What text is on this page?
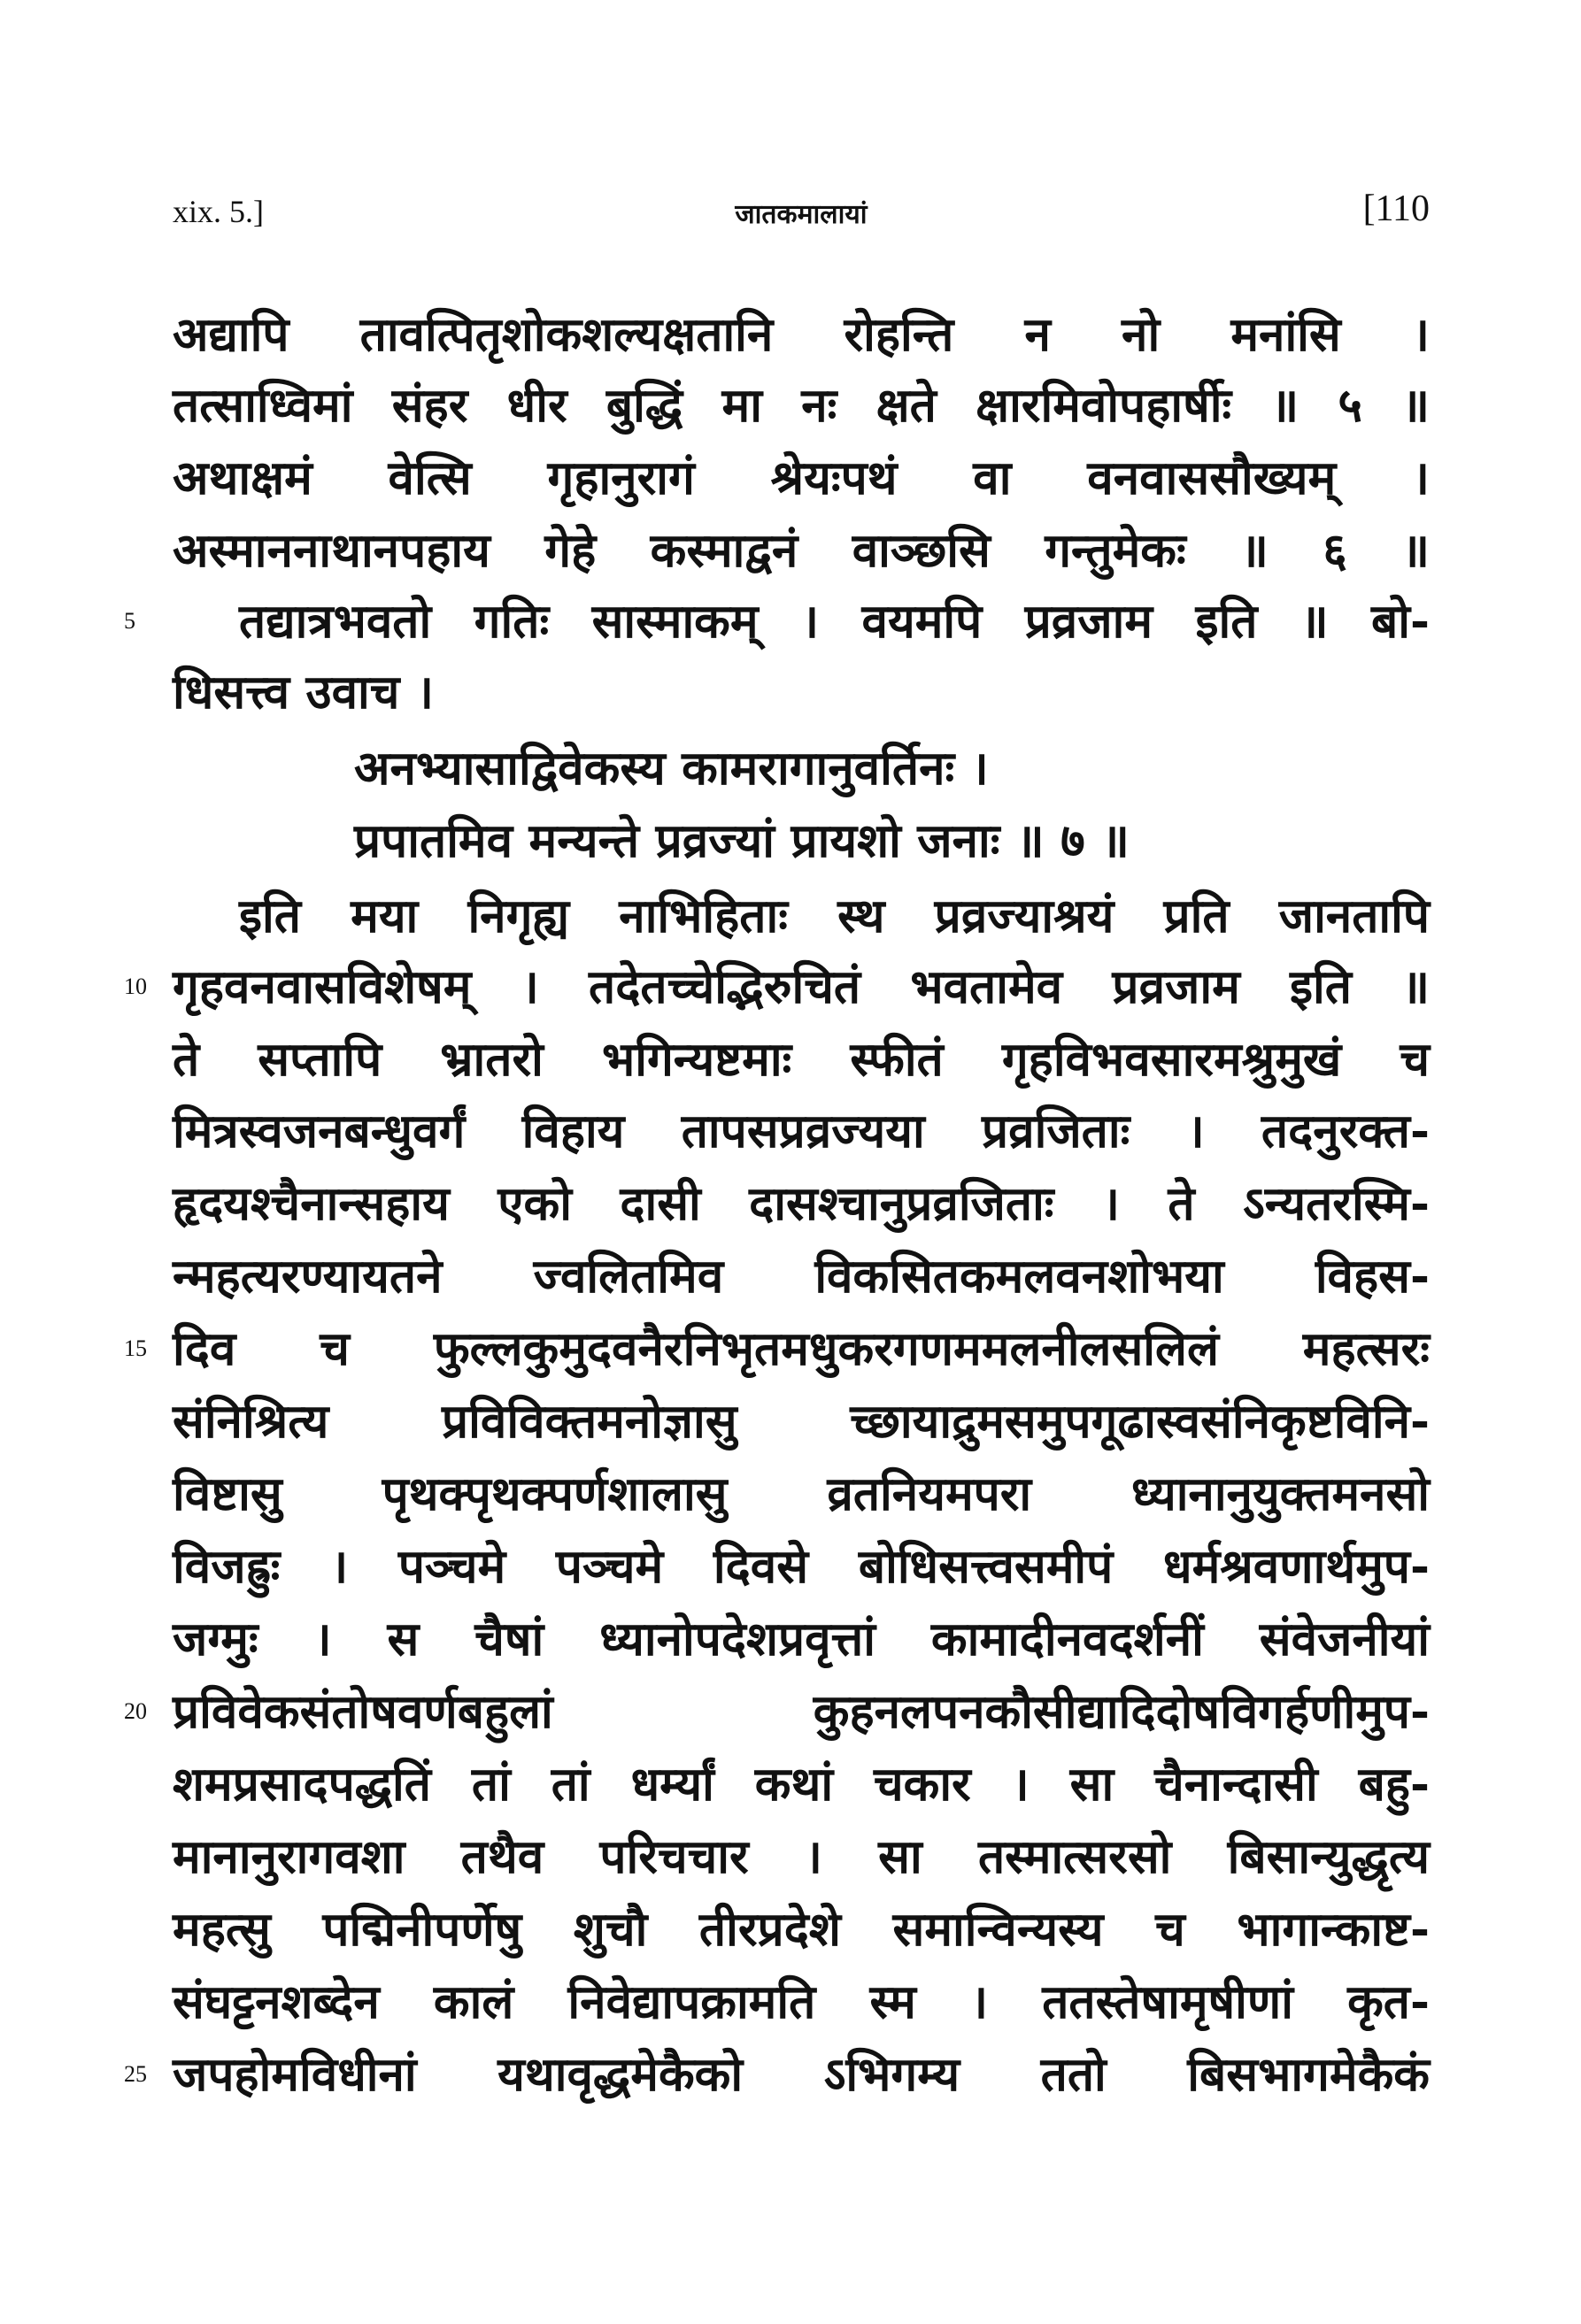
xix. 5.]	जातकमालायां	[110
अद्यापि तावत्पितृशोकशल्यक्षतानि रोहन्ति न नो मनांसि ।
तत्साध्विमां संहर धीर बुद्धिं मा नः क्षते क्षारमिवोपहार्षीः ॥ ५ ॥
अथाक्षमं वेत्सि गृहानुरागं श्रेयःपथं वा वनवाससौख्यम् ।
अस्माननाथानपहाय गेहे कस्माद्वनं वाञ्छसि गन्तुमेकः ॥ ६ ॥
5	तद्यात्रभवतो गतिः सास्माकम् । वयमपि प्रव्रजाम इति ॥ बो-
धिसत्त्व उवाच ।
अनभ्यासाद्विवेकस्य कामरागानुवर्तिनः ।
प्रपातमिव मन्यन्ते प्रव्रज्यां प्रायशो जनाः ॥ ७ ॥
इति मया निगृह्य नाभिहिताः स्थ प्रव्रज्याश्रयं प्रति जानतापि
10 गृहवनवासविशेषम् । तदेतच्चेद्भिरुचितं भवतामेव प्रव्रजाम इति ॥
ते सप्तापि भ्रातरो भगिन्यष्टमाः स्फीतं गृहविभवसारमश्रुमुखं च
मित्रस्वजनबन्धुवर्गं विहाय तापसप्रव्रज्यया प्रव्रजिताः । तदनुरक्त-
हृदयश्चैनान्सहाय एको दासी दासश्चानुप्रव्रजिताः । ते ऽन्यतरस्मि-
न्महत्यरण्यायतने ज्वलितमिव विकसितकमलवनशोभया विहस-
15 दिव च फुल्लकुमुदवनैरनिभृतमधुकरगणममलनीलसलिलं महत्सरः
संनिश्रित्य प्रविविक्तमनोज्ञासु च्छायाद्रुमसमुपगूढास्वसंनिकृष्टविनि-
विष्टासु पृथक्पृथक्पर्णशालासु व्रतनियमपरा ध्यानानुयुक्तमनसो
विजह्रुः । पञ्चमे पञ्चमे दिवसे बोधिसत्त्वसमीपं धर्मश्रवणार्थमुप-
जग्मुः । स चैषां ध्यानोपदेशप्रवृत्तां कामादीनवदर्शनीं संवेजनीयां
20 प्रविवेकसंतोषवर्णबहुलां कुहनलपनकौसीद्यादिदोषविगर्हणीमुप-
शमप्रसादपद्धतिं तां तां धर्म्यां कथां चकार । सा चैनान्दासी बहु-
मानानुरागवशा तथैव परिचचार । सा तस्मात्सरसो बिसान्युद्धृत्य
महत्सु पद्मिनीपर्णेषु शुचौ तीरप्रदेशे समान्विन्यस्य च भागान्काष्ट-
संघट्टनशब्देन कालं निवेद्यापक्रामति स्म । ततस्तेषामृषीणां कृत-
25 जपहोमविधीनां यथावृद्धमेकैको ऽभिगम्य ततो बिसभागमेकैकं
